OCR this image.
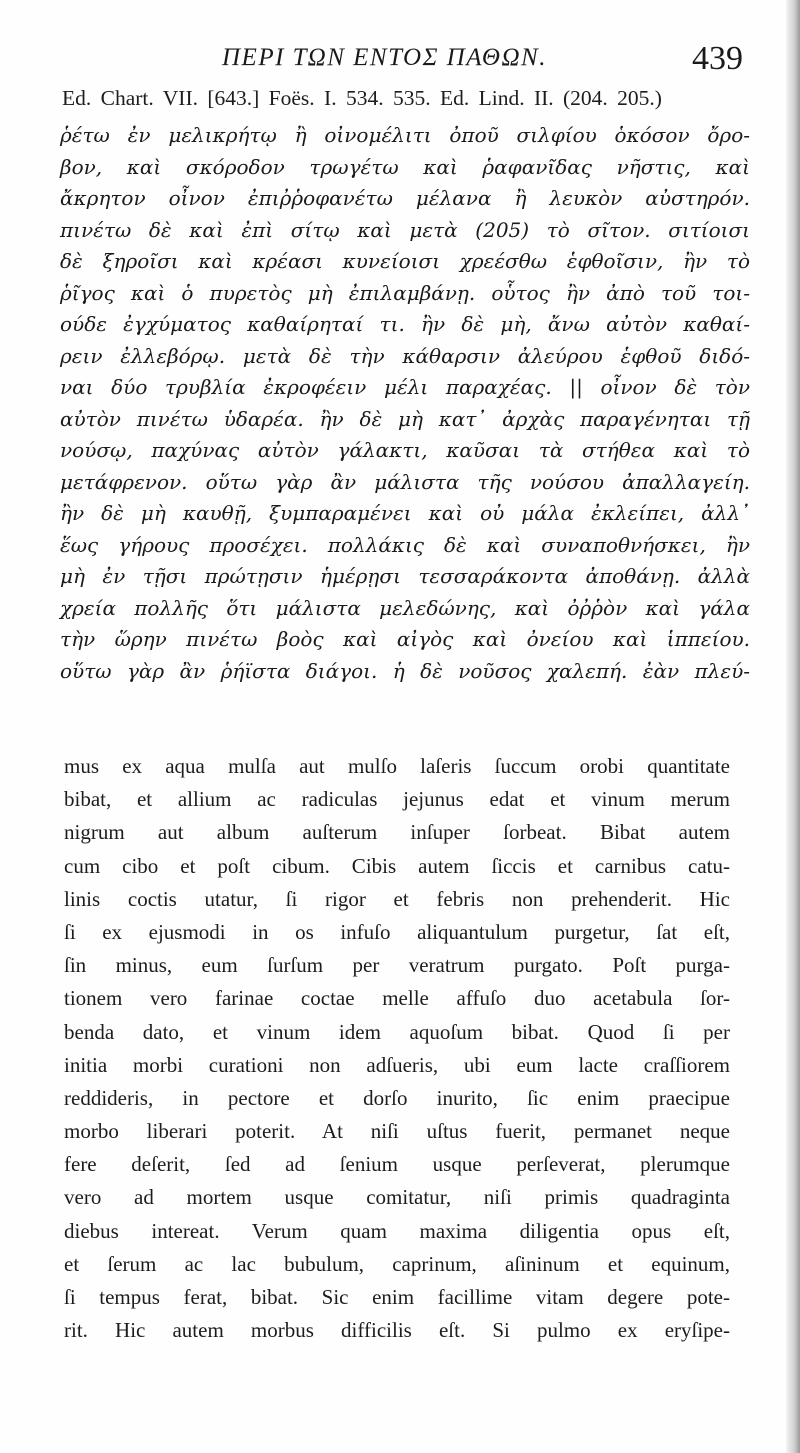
ΠΕΡΙ ΤΩΝ ΕΝΤΟΣ ΠΑΘΩΝ.	439
Ed. Chart. VII. [643.] Foës. I. 534. 535. Ed. Lind. II. (204. 205.)
ῥέτω ἐν μελικρήτῳ ἢ οἰνομέλιτι ὀποῦ σιλφίου ὁκόσον ὄρο-
βον, καὶ σκόροδον τρωγέτω καὶ ῥαφανῖδας νῆστις, καὶ
ἄκρητον οἶνον ἐπιῤῥοφανέτω μέλανα ἢ λευκὸν αὐστηρόν.
πινέτω δὲ καὶ ἐπὶ σίτῳ καὶ μετὰ (205) τὸ σῖτον. σιτίοισι
δὲ ξηροῖσι καὶ κρέασι κυνείοισι χρεέσθω ἑφθοῖσιν, ἢν τὸ
ῥῖγος καὶ ὁ πυρετὸς μὴ ἐπιλαμβάνῃ. οὗτος ἢν ἀπὸ τοῦ τοι-
ούδε ἐγχύματος καθαίρηταί τι. ἢν δὲ μὴ, ἄνω αὐτὸν καθαί-
ρειν ἐλλεβόρῳ. μετὰ δὲ τὴν κάθαρσιν ἀλεύρου ἑφθοῦ διδό-
ναι δύο τρυβλία ἐκροφέειν μέλι παραχέας. || οἶνον δὲ τὸν
αὐτὸν πινέτω ὑδαρέα. ἢν δὲ μὴ κατ᾽ ἀρχὰς παραγένηται τῇ
νούσῳ, παχύνας αὐτὸν γάλακτι, καῦσαι τὰ στήθεα καὶ τὸ
μετάφρενον. οὕτω γὰρ ἂν μάλιστα τῆς νούσου ἀπαλλαγείη.
ἢν δὲ μὴ καυθῇ, ξυμπαραμένει καὶ οὐ μάλα ἐκλείπει, ἀλλ᾽
ἕως γήρους προσέχει. πολλάκις δὲ καὶ συναποθνήσκει, ἢν
μὴ ἐν τῇσι πρώτῃσιν ἡμέρῃσι τεσσαράκοντα ἀποθάνῃ. ἀλλὰ
χρεία πολλῆς ὅτι μάλιστα μελεδώνης, καὶ ὀῤῥὸν καὶ γάλα
τὴν ὥρην πινέτω βοὸς καὶ αἰγὸς καὶ ὀνείου καὶ ἱππείου.
οὕτω γὰρ ἂν ῥήϊστα διάγοι. ἡ δὲ νοῦσος χαλεπή. ἐὰν πλεύ-
mus ex aqua mulſa aut mulſo laſeris ſuccum orobi quantitate
bibat, et allium ac radiculas jejunus edat et vinum merum
nigrum aut album auſterum inſuper ſorbeat. Bibat autem
cum cibo et poſt cibum. Cibis autem ſiccis et carnibus catu-
linis coctis utatur, ſi rigor et febris non prehenderit. Hic
ſi ex ejusmodi in os infuſo aliquantulum purgetur, ſat eſt,
ſin minus, eum ſurſum per veratrum purgato. Poſt purga-
tionem vero farinae coctae melle affuſo duo acetabula ſor-
benda dato, et vinum idem aquoſum bibat. Quod ſi per
initia morbi curationi non adſueris, ubi eum lacte craſſiorem
reddideris, in pectore et dorſo inurito, ſic enim praecipue
morbo liberari poterit. At niſi uſtus fuerit, permanet neque
fere deſerit, ſed ad ſenium usque perſeverat, plerumque
vero ad mortem usque comitatur, niſi primis quadraginta
diebus intereat. Verum quam maxima diligentia opus eſt,
et ſerum ac lac bubulum, caprinum, aſininum et equinum,
ſi tempus ferat, bibat. Sic enim facillime vitam degere pote-
rit. Hic autem morbus difficilis eſt. Si pulmo ex eryſipe-
